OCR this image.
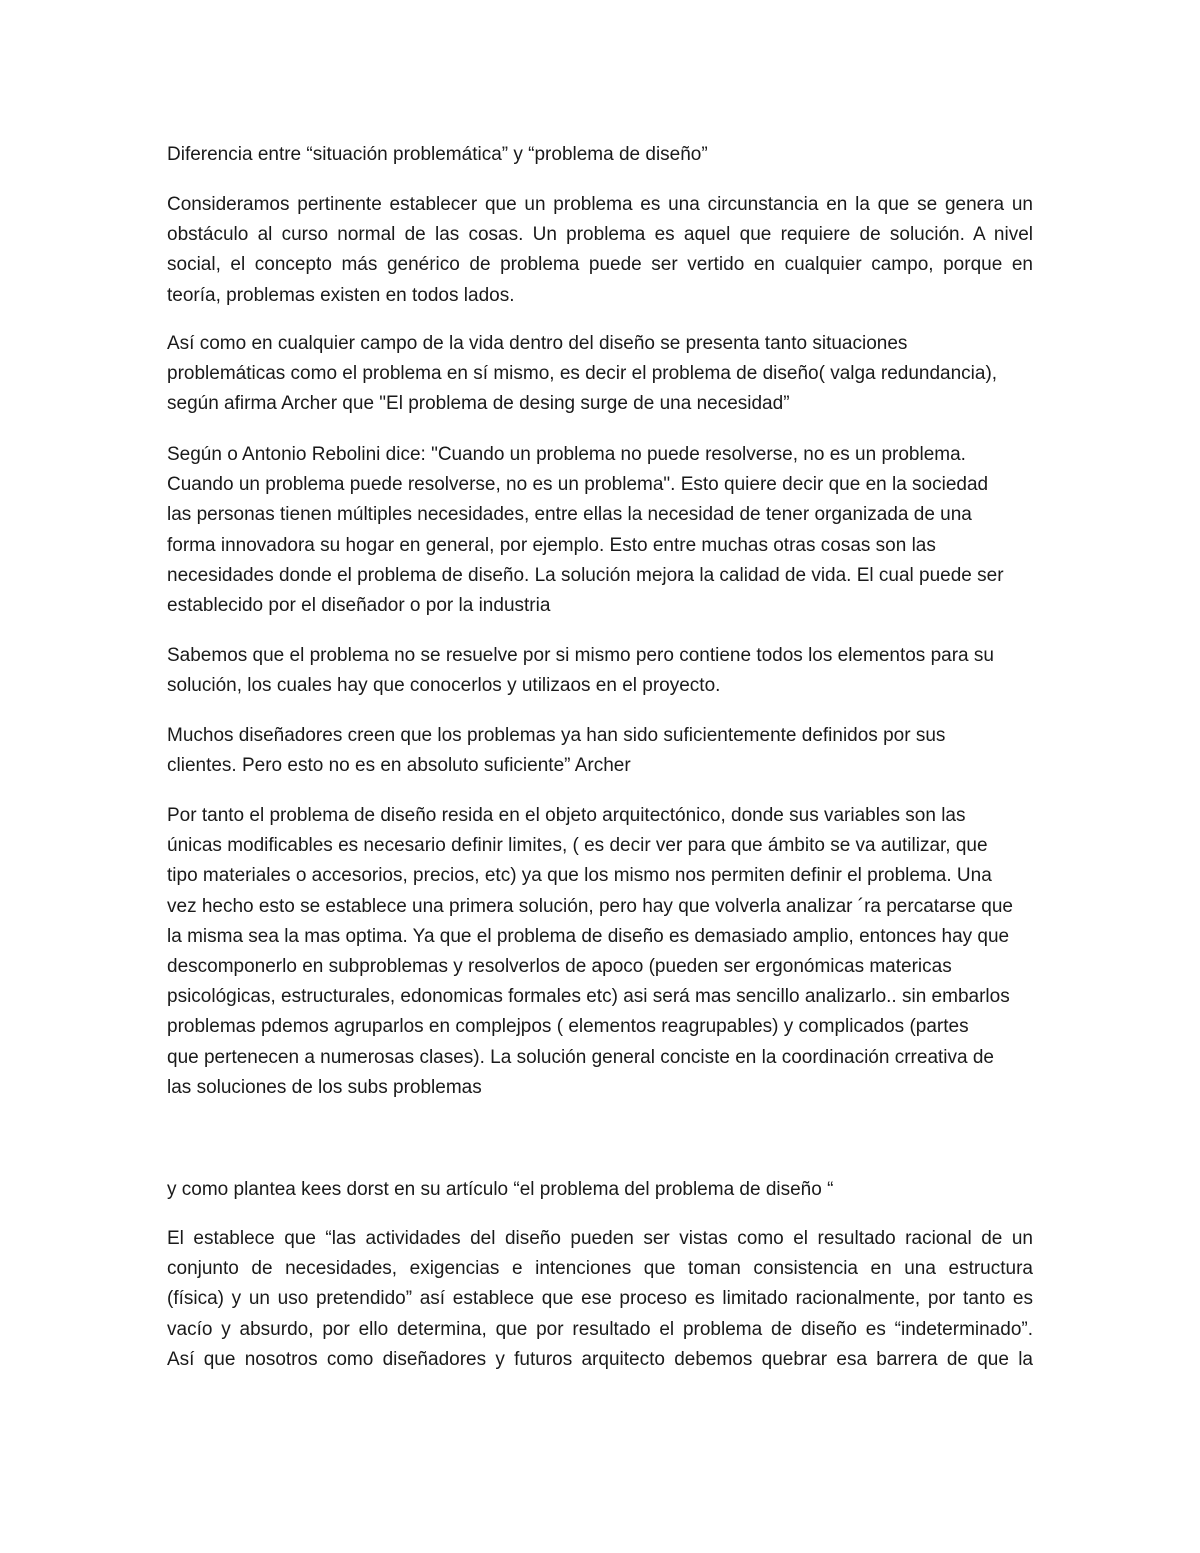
Diferencia entre “situación problemática” y “problema de diseño”

Consideramos pertinente establecer que un problema es una circunstancia en la que se genera un
obstáculo al curso normal de las cosas. Un problema es aquel que requiere de solución. A nivel
social, el concepto más genérico de problema puede ser vertido en cualquier campo, porque en
teoría, problemas existen en todos lados.

Así como en cualquier campo de la vida dentro del diseño se presenta tanto situaciones
problemáticas como el problema en sí mismo, es decir el problema de diseño( valga redundancia),
según afirma Archer que "El problema de desing surge de una necesidad”

Según o Antonio Rebolini dice: "Cuando un problema no puede resolverse, no es un problema.
Cuando un problema puede resolverse, no es un problema". Esto quiere decir que en la sociedad
las personas tienen múltiples necesidades, entre ellas la necesidad de tener organizada de una
forma innovadora su hogar en general, por ejemplo. Esto entre muchas otras cosas son las
necesidades donde el problema de diseño. La solución mejora la calidad de vida. El cual puede ser
establecido por el diseñador o por la industria

Sabemos que el problema no se resuelve por si mismo pero contiene todos los elementos para su
solución, los cuales hay que conocerlos y utilizaos en el proyecto.

Muchos diseñadores creen que los problemas ya han sido suficientemente definidos por sus
clientes. Pero esto no es en absoluto suficiente” Archer

Por tanto el problema de diseño resida en el objeto arquitectónico, donde sus variables son las
únicas modificables es necesario definir limites, ( es decir ver para que ámbito se va autilizar, que
tipo materiales o accesorios, precios, etc) ya que los mismo nos permiten definir el problema. Una
vez hecho esto se establece una primera solución, pero hay que volverla analizar ´ra percatarse que
la misma sea la mas optima. Ya que el problema de diseño es demasiado amplio, entonces hay que
descomponerlo en subproblemas y resolverlos de apoco (pueden ser ergonómicas matericas
psicológicas, estructurales, edonomicas formales etc) asi será mas sencillo analizarlo.. sin embarlos
problemas pdemos agruparlos en complejpos ( elementos reagrupables) y complicados (partes
que pertenecen a numerosas clases). La solución general conciste en la coordinación crreativa de
las soluciones de los subs problemas

y como plantea kees dorst en su artículo “el problema del problema de diseño “

El establece que “las actividades del diseño pueden ser vistas como el resultado racional de un
conjunto de necesidades, exigencias e intenciones que toman consistencia en una estructura
(física) y un uso pretendido” así establece que ese proceso es limitado racionalmente, por tanto es
vacío y absurdo, por ello determina, que por resultado el problema de diseño es “indeterminado”.
Así que nosotros como diseñadores y futuros arquitecto debemos quebrar esa barrera de que la
